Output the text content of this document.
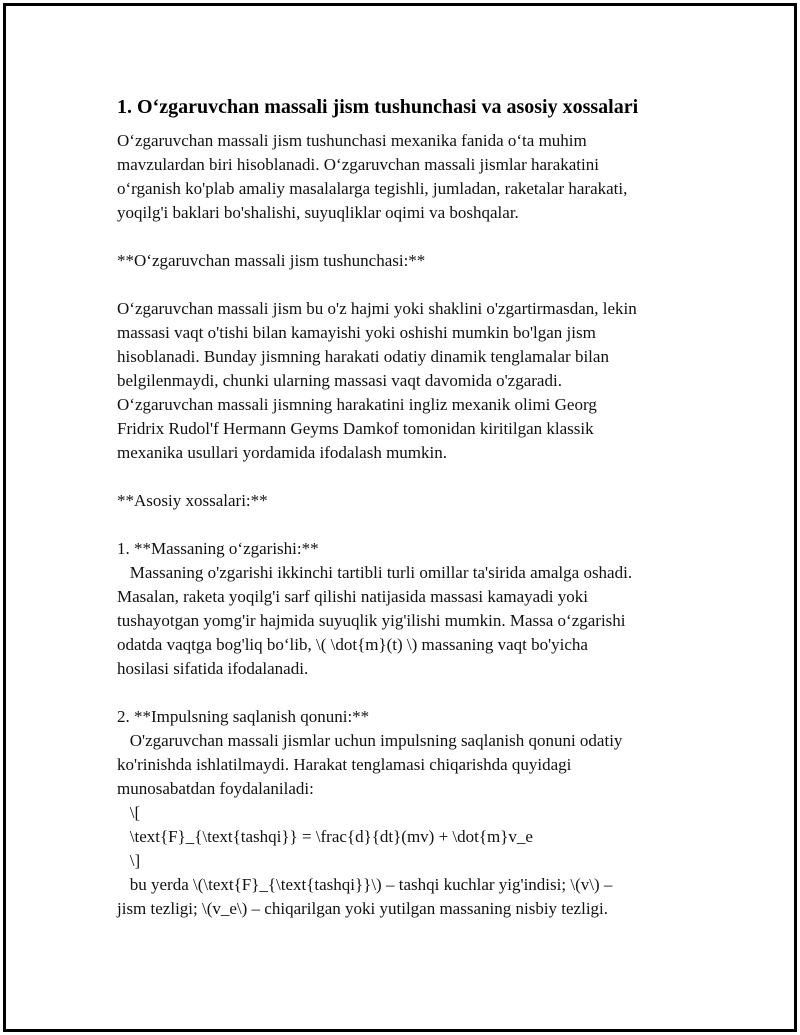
1. O‘zgaruvchan massali jism tushunchasi va asosiy xossalari

O‘zgaruvchan massali jism tushunchasi mexanika fanida o‘ta muhim
mavzulardan biri hisoblanadi. O‘zgaruvchan massali jismlar harakatini
o‘rganish ko'plab amaliy masalalarga tegishli, jumladan, raketalar harakati,
yoqilg'i baklari bo'shalishi, suyuqliklar oqimi va boshqalar.

**O‘zgaruvchan massali jism tushunchasi:**

O‘zgaruvchan massali jism bu o'z hajmi yoki shaklini o'zgartirmasdan, lekin
massasi vaqt o'tishi bilan kamayishi yoki oshishi mumkin bo'lgan jism
hisoblanadi. Bunday jismning harakati odatiy dinamik tenglamalar bilan
belgilenmaydi, chunki ularning massasi vaqt davomida o'zgaradi.
O‘zgaruvchan massali jismning harakatini ingliz mexanik olimi Georg
Fridrix Rudol'f Hermann Geyms Damkof tomonidan kiritilgan klassik
mexanika usullari yordamida ifodalash mumkin.

**Asosiy xossalari:**

1. **Massaning o‘zgarishi:**
Massaning o'zgarishi ikkinchi tartibli turli omillar ta'sirida amalga oshadi.
Masalan, raketa yoqilg'i sarf qilishi natijasida massasi kamayadi yoki
tushayotgan yomg'ir hajmida suyuqlik yig'ilishi mumkin. Massa o‘zgarishi
odatda vaqtga bog'liq bo‘lib, \( \dot{m}(t) \) massaning vaqt bo'yicha
hosilasi sifatida ifodalanadi.

2. **Impulsning saqlanish qonuni:**
O'zgaruvchan massali jismlar uchun impulsning saqlanish qonuni odatiy
ko'rinishda ishlatilmaydi. Harakat tenglamasi chiqarishda quyidagi
munosabatdan foydalaniladi:
\[
\text{F}_{\text{tashqi}} = \frac{d}{dt}(mv) + \dot{m}v_e
\]
bu yerda \(\text{F}_{\text{tashqi}}\) – tashqi kuchlar yig'indisi; \(v\) –
jism tezligi; \(v_e\) – chiqarilgan yoki yutilgan massaning nisbiy tezligi.
